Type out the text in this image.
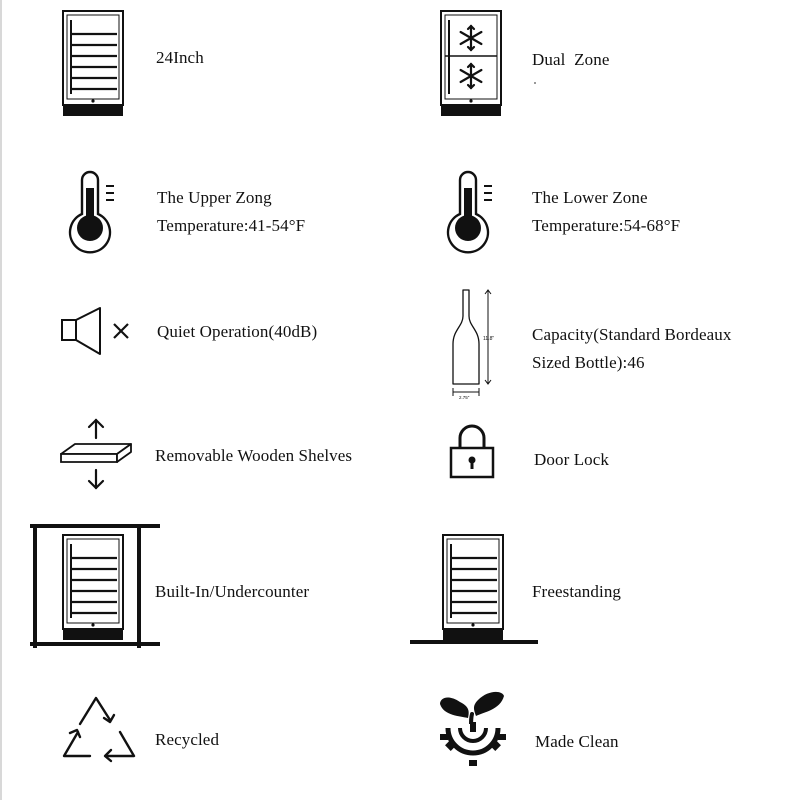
24Inch	Dual  Zone
The Upper Zong
Temperature:41-54°F
The Lower Zone
Temperature:54-68°F
Quiet Operation(40dB)	11.8"
2.75"
Capacity(Standard Bordeaux
Sized Bottle):46
Removable Wooden Shelves	Door Lock
Built-In/Undercounter	Freestanding
Recycled	Made Clean
